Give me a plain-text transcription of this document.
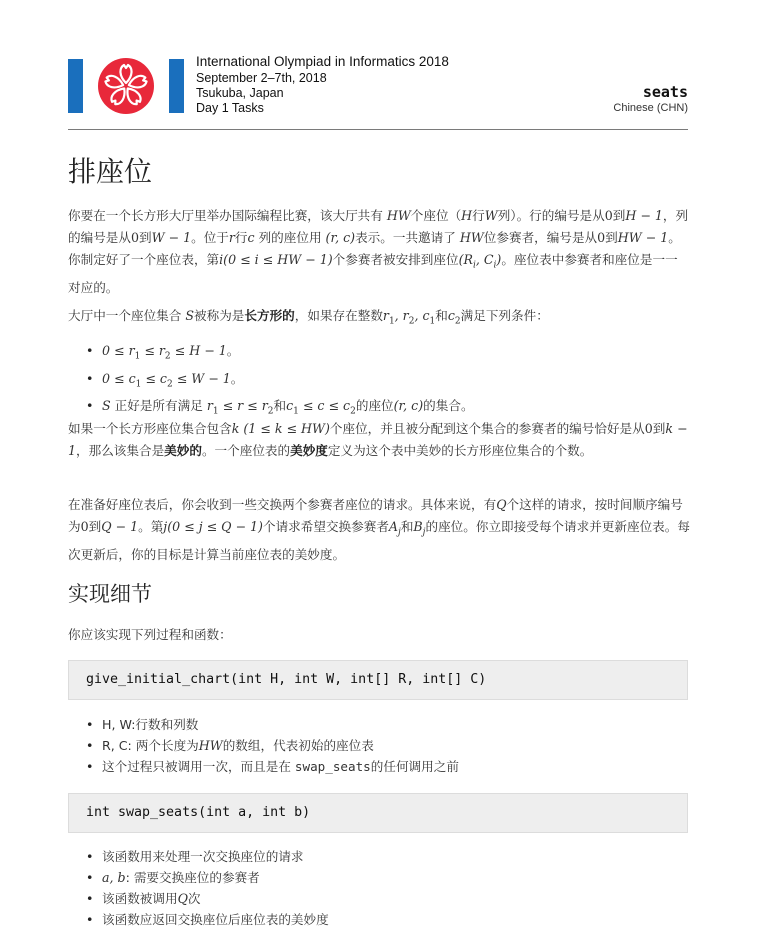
International Olympiad in Informatics 2018
September 2–7th, 2018
Tsukuba, Japan
Day 1 Tasks
seats
Chinese (CHN)
排座位

你要在一个长方形大厅里举办国际编程比赛，该大厅共有 HW个座位（H行W列）。行的编号是从0到H − 1，列的编号是从0到W − 1。位于r行c 列的座位用 (r, c)表示。一共邀请了 HW位参赛者，编号是从0到HW − 1。你制定好了一个座位表，第i(0 ≤ i ≤ HW − 1)个参赛者被安排到座位($R_i$, $C_i$)。座位表中参赛者和座位是一一对应的。

大厅中一个座位集合 S被称为是长方形的，如果存在整数$r_1$, $r_2$, $c_1$和$c_2$满足下列条件：

• $0 \le r_1 \le r_2 \le H - 1$。
• $0 \le c_1 \le c_2 \le W - 1$。
• S 正好是所有满足 $r_1 \le r \le r_2$和$c_1 \le c \le c_2$的座位(r, c)的集合。

如果一个长方形座位集合包含k (1 ≤ k ≤ HW)个座位，并且被分配到这个集合的参赛者的编号恰好是从0到k − 1，那么该集合是美妙的。一个座位表的美妙度定义为这个表中美妙的长方形座位集合的个数。

在准备好座位表后，你会收到一些交换两个参赛者座位的请求。具体来说，有Q个这样的请求，按时间顺序编号为0到Q − 1。第j(0 ≤ j ≤ Q − 1)个请求希望交换参赛者$A_j$和$B_j$的座位。你立即接受每个请求并更新座位表。每次更新后，你的目标是计算当前座位表的美妙度。

实现细节

你应该实现下列过程和函数：

give_initial_chart(int H, int W, int[] R, int[] C)
• H, W:行数和列数
• R, C: 两个长度为HW的数组，代表初始的座位表
• 这个过程只被调用一次，而且是在 swap_seats的任何调用之前
int swap_seats(int a, int b)
• 该函数用来处理一次交换座位的请求
• a, b: 需要交换座位的参赛者
• 该函数被调用Q次
• 该函数应返回交换座位后座位表的美妙度
